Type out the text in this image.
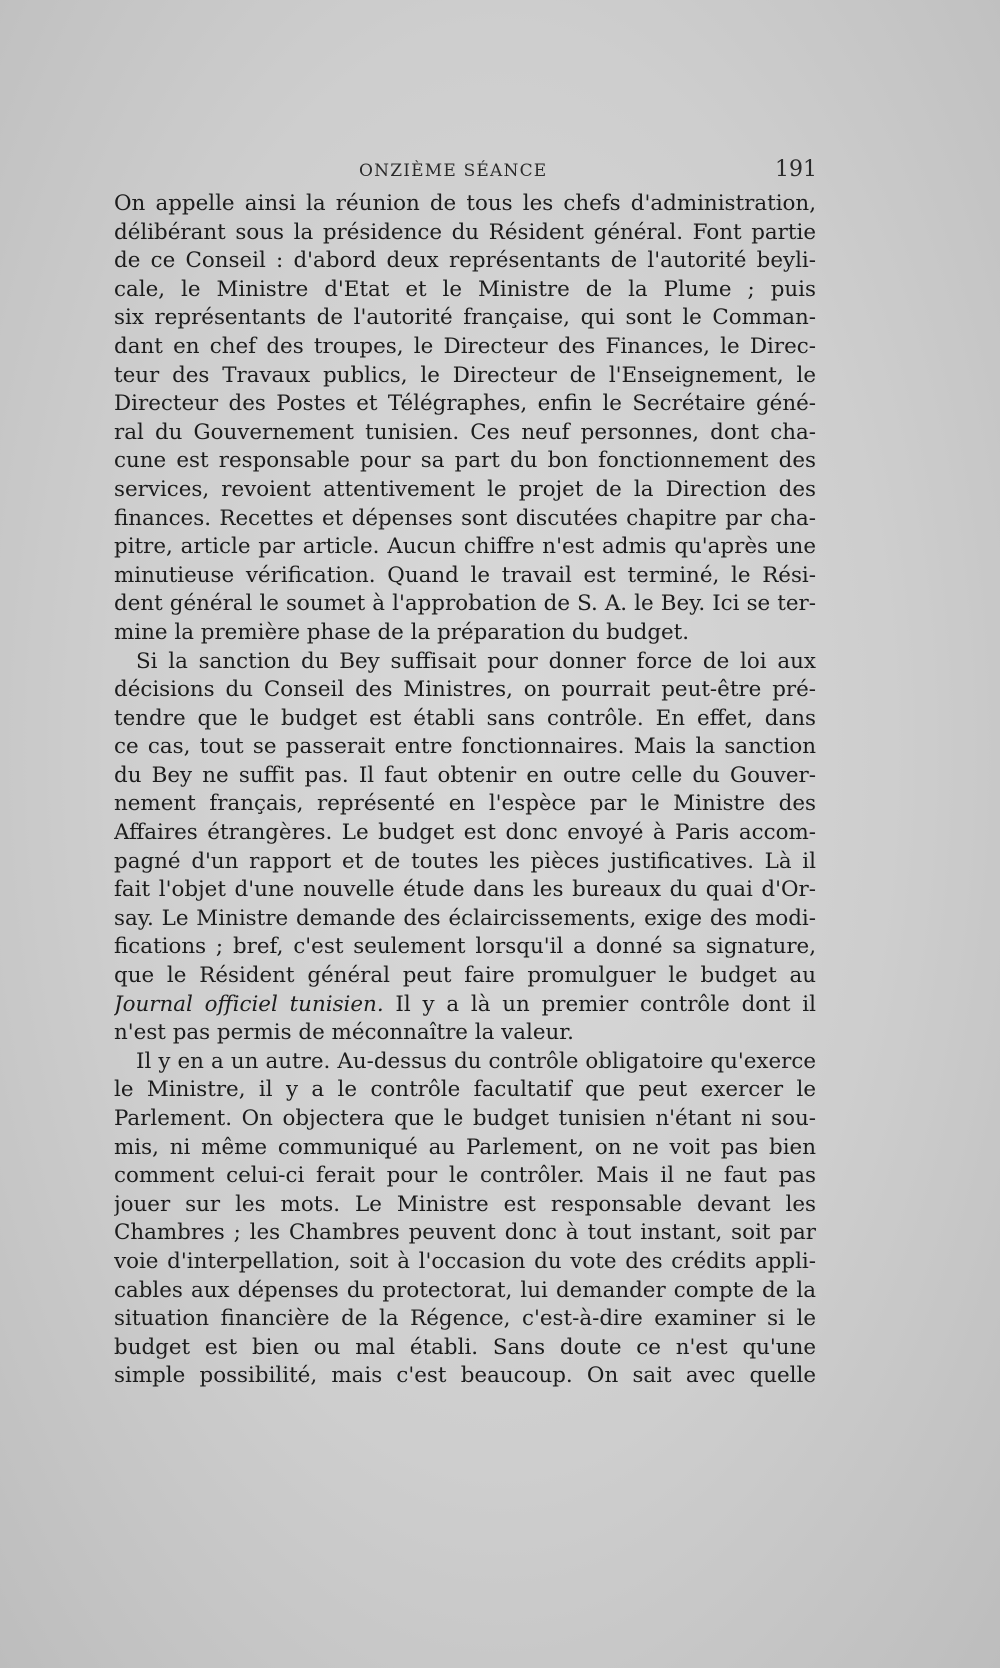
ONZIÈME SÉANCE	191
On appelle ainsi la réunion de tous les chefs d'administration,
délibérant sous la présidence du Résident général. Font partie
de ce Conseil : d'abord deux représentants de l'autorité beyli-
cale, le Ministre d'Etat et le Ministre de la Plume ; puis
six représentants de l'autorité française, qui sont le Comman-
dant en chef des troupes, le Directeur des Finances, le Direc-
teur des Travaux publics, le Directeur de l'Enseignement, le
Directeur des Postes et Télégraphes, enfin le Secrétaire géné-
ral du Gouvernement tunisien. Ces neuf personnes, dont cha-
cune est responsable pour sa part du bon fonctionnement des
services, revoient attentivement le projet de la Direction des
finances. Recettes et dépenses sont discutées chapitre par cha-
pitre, article par article. Aucun chiffre n'est admis qu'après une
minutieuse vérification. Quand le travail est terminé, le Rési-
dent général le soumet à l'approbation de S. A. le Bey. Ici se ter-
mine la première phase de la préparation du budget.
Si la sanction du Bey suffisait pour donner force de loi aux
décisions du Conseil des Ministres, on pourrait peut-être pré-
tendre que le budget est établi sans contrôle. En effet, dans
ce cas, tout se passerait entre fonctionnaires. Mais la sanction
du Bey ne suffit pas. Il faut obtenir en outre celle du Gouver-
nement français, représenté en l'espèce par le Ministre des
Affaires étrangères. Le budget est donc envoyé à Paris accom-
pagné d'un rapport et de toutes les pièces justificatives. Là il
fait l'objet d'une nouvelle étude dans les bureaux du quai d'Or-
say. Le Ministre demande des éclaircissements, exige des modi-
fications ; bref, c'est seulement lorsqu'il a donné sa signature,
que le Résident général peut faire promulguer le budget au
Journal officiel tunisien. Il y a là un premier contrôle dont il
n'est pas permis de méconnaître la valeur.
Il y en a un autre. Au-dessus du contrôle obligatoire qu'exerce
le Ministre, il y a le contrôle facultatif que peut exercer le
Parlement. On objectera que le budget tunisien n'étant ni sou-
mis, ni même communiqué au Parlement, on ne voit pas bien
comment celui-ci ferait pour le contrôler. Mais il ne faut pas
jouer sur les mots. Le Ministre est responsable devant les
Chambres ; les Chambres peuvent donc à tout instant, soit par
voie d'interpellation, soit à l'occasion du vote des crédits appli-
cables aux dépenses du protectorat, lui demander compte de la
situation financière de la Régence, c'est-à-dire examiner si le
budget est bien ou mal établi. Sans doute ce n'est qu'une
simple possibilité, mais c'est beaucoup. On sait avec quelle
